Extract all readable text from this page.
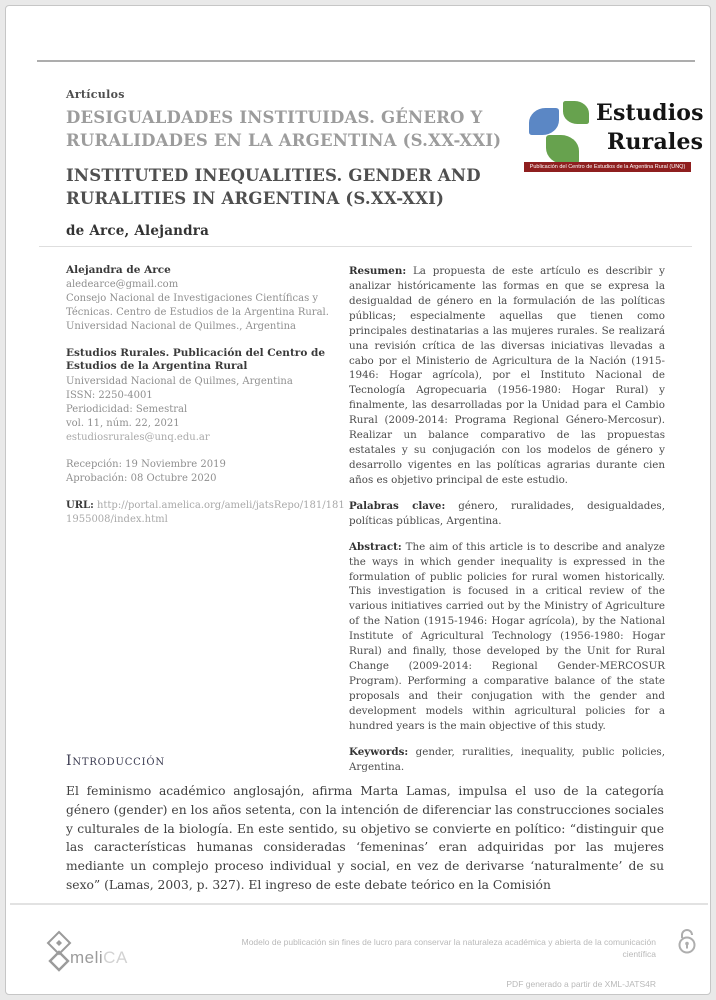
Artículos
DESIGUALDADES INSTITUIDAS. GÉNERO Y RURALIDADES EN LA ARGENTINA (S.XX-XXI)
INSTITUTED INEQUALITIES. GENDER AND RURALITIES IN ARGENTINA (S.XX-XXI)
de Arce, Alejandra
Estudios
Rurales
Publicación del Centro de Estudios de la Argentina Rural (UNQ)
Alejandra de Arce
aledearce@gmail.com
Consejo Nacional de Investigaciones Científicas y Técnicas. Centro de Estudios de la Argentina Rural. Universidad Nacional de Quilmes., Argentina
Estudios Rurales. Publicación del Centro de Estudios de la Argentina Rural
Universidad Nacional de Quilmes, Argentina
ISSN: 2250-4001
Periodicidad: Semestral
vol. 11, núm. 22, 2021
estudiosrurales@unq.edu.ar
Recepción: 19 Noviembre 2019
Aprobación: 08 Octubre 2020
URL: http://portal.amelica.org/ameli/jatsRepo/181/1811955008/index.html

Resumen: La propuesta de este artículo es describir y analizar históricamente las formas en que se expresa la desigualdad de género en la formulación de las políticas públicas; especialmente aquellas que tienen como principales destinatarias a las mujeres rurales. Se realizará una revisión crítica de las diversas iniciativas llevadas a cabo por el Ministerio de Agricultura de la Nación (1915-1946: Hogar agrícola), por el Instituto Nacional de Tecnología Agropecuaria (1956-1980: Hogar Rural) y finalmente, las desarrolladas por la Unidad para el Cambio Rural (2009-2014: Programa Regional Género-Mercosur). Realizar un balance comparativo de las propuestas estatales y su conjugación con los modelos de género y desarrollo vigentes en las políticas agrarias durante cien años es objetivo principal de este estudio.

Palabras clave: género, ruralidades, desigualdades, políticas públicas, Argentina.

Abstract: The aim of this article is to describe and analyze the ways in which gender inequality is expressed in the formulation of public policies for rural women historically. This investigation is focused in a critical review of the various initiatives carried out by the Ministry of Agriculture of the Nation (1915-1946: Hogar agrícola), by the National Institute of Agricultural Technology (1956-1980: Hogar Rural) and finally, those developed by the Unit for Rural Change (2009-2014: Regional Gender-MERCOSUR Program). Performing a comparative balance of the state proposals and their conjugation with the gender and development models within agricultural policies for a hundred years is the main objective of this study.

Keywords: gender, ruralities, inequality, public policies, Argentina.

Introducción

El feminismo académico anglosajón, afirma Marta Lamas, impulsa el uso de la categoría género (gender) en los años setenta, con la intención de diferenciar las construcciones sociales y culturales de la biología. En este sentido, su objetivo se convierte en político: “distinguir que las características humanas consideradas ‘femeninas’ eran adquiridas por las mujeres mediante un complejo proceso individual y social, en vez de derivarse ‘naturalmente’ de su sexo” (Lamas, 2003, p. 327). El ingreso de este debate teórico en la Comisión

meliCA
Modelo de publicación sin fines de lucro para conservar la naturaleza académica y abierta de la comunicación científica
PDF generado a partir de XML-JATS4R
